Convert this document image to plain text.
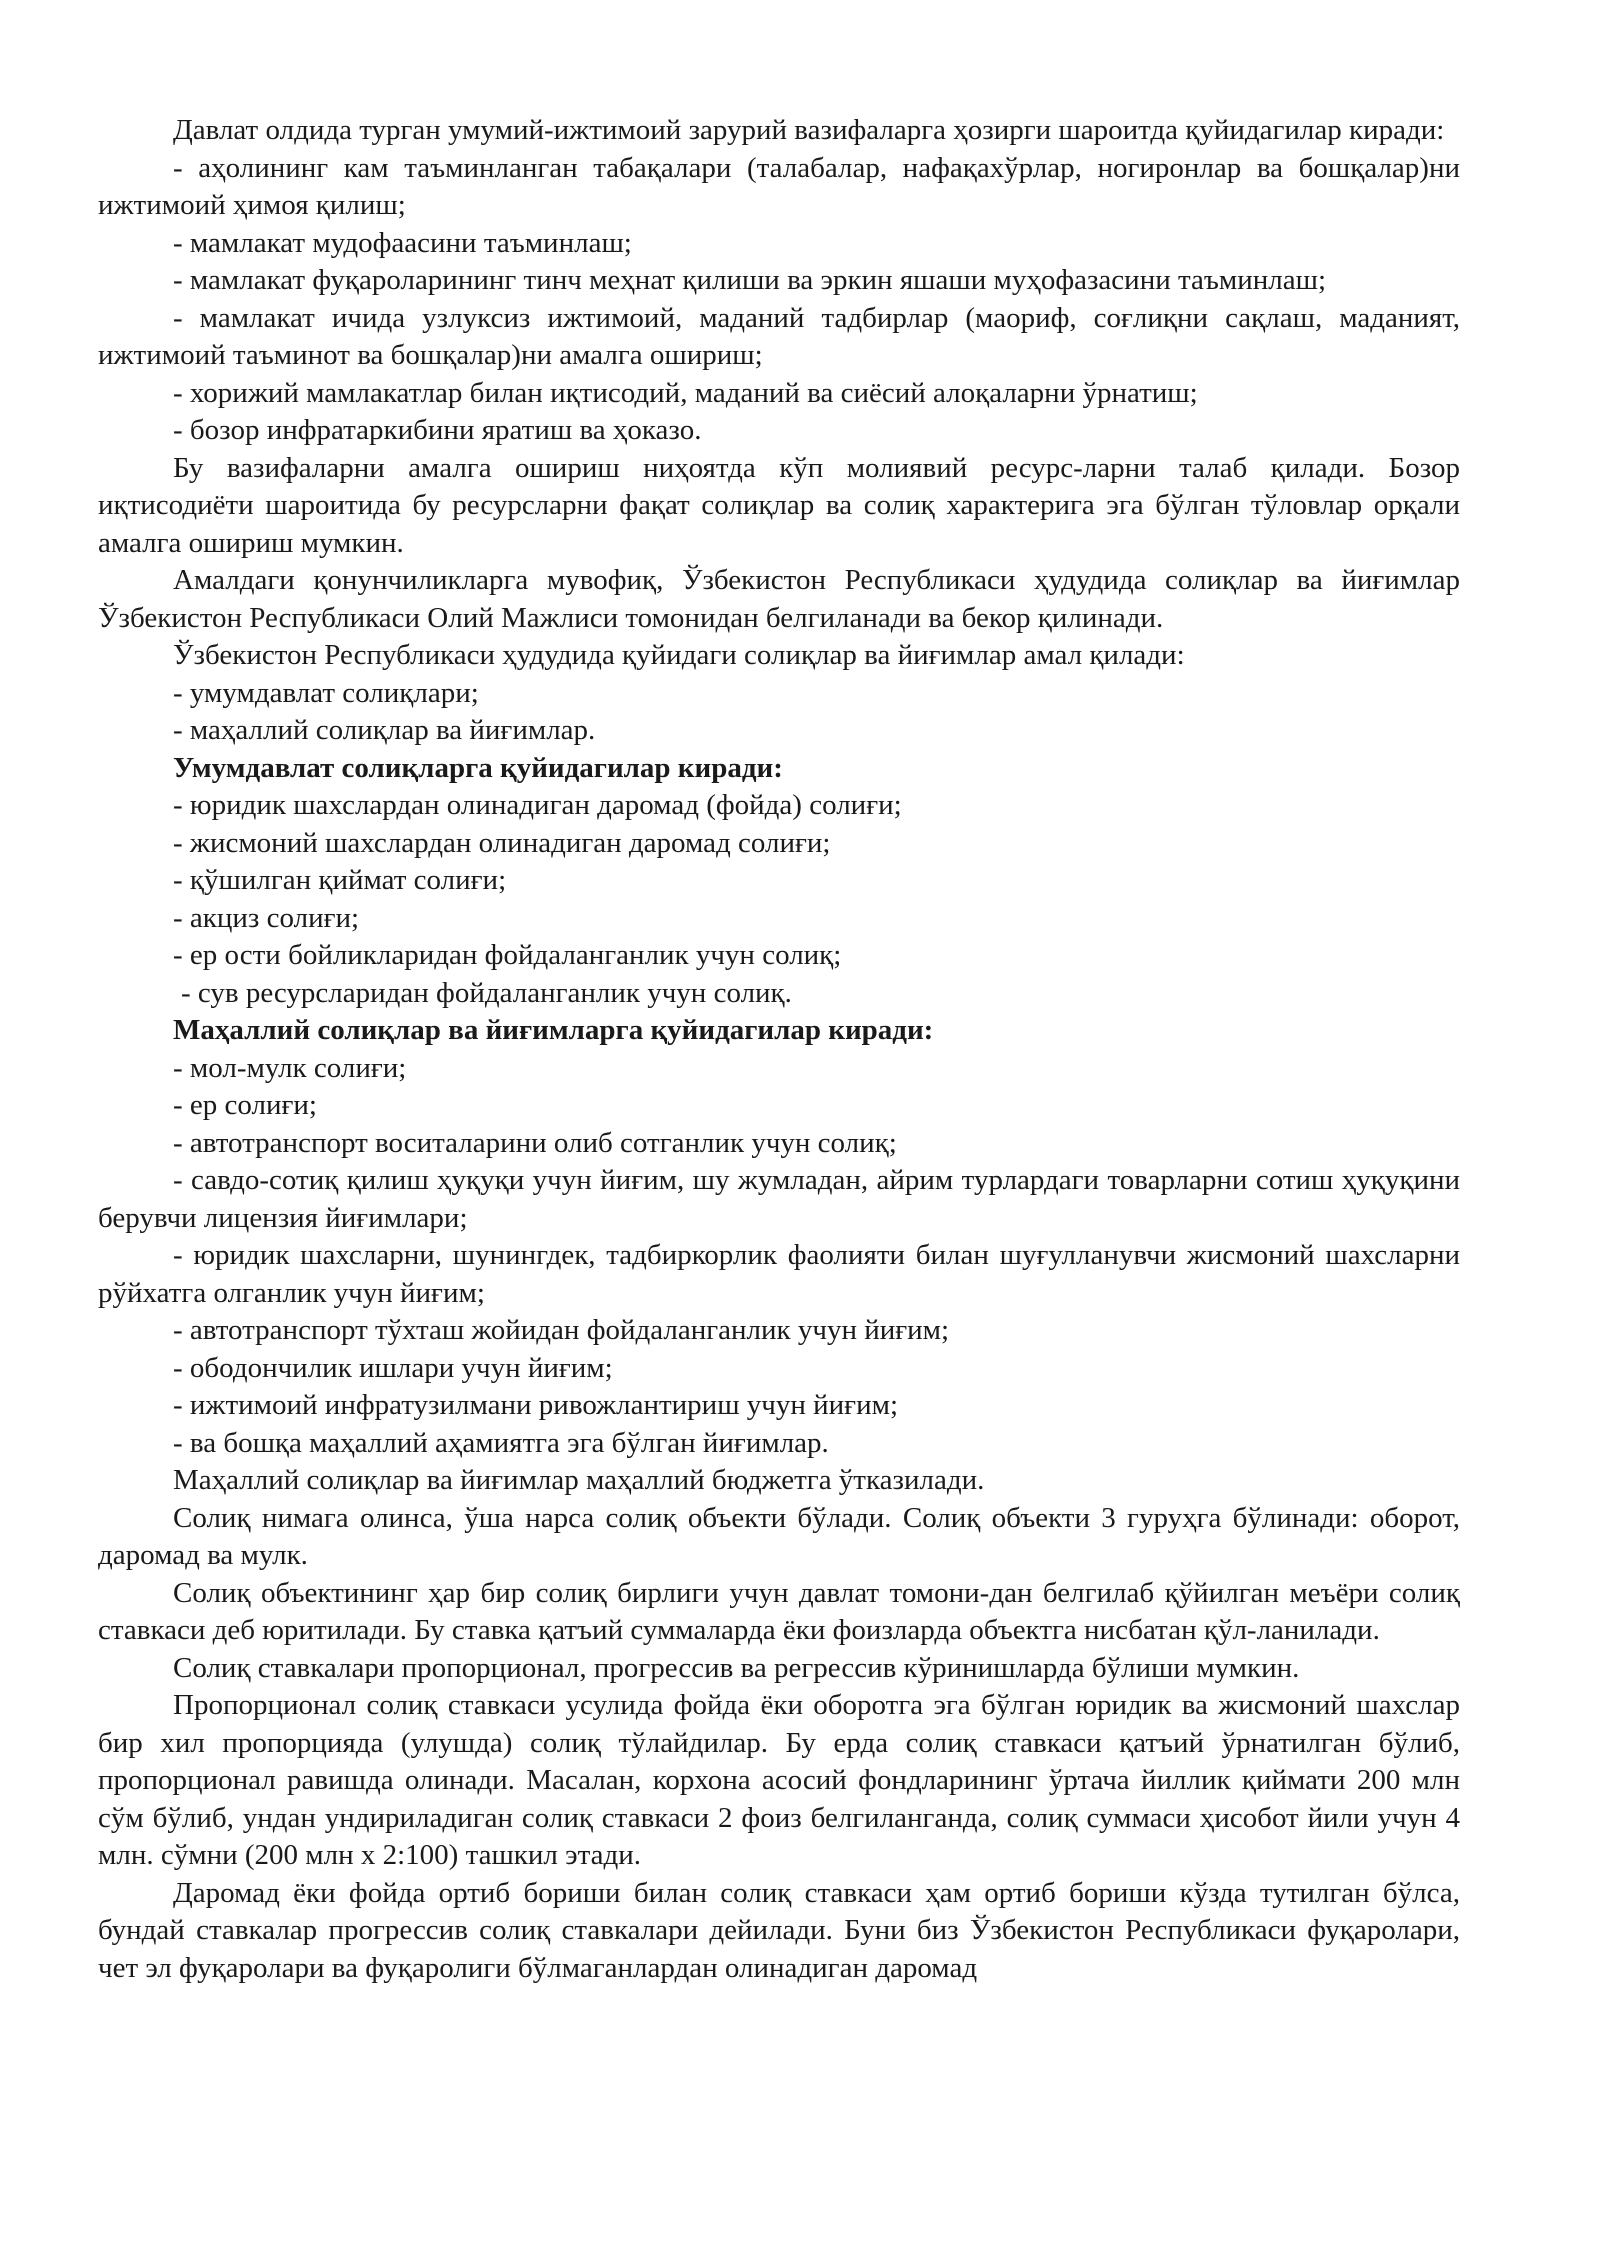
Давлат олдида турган умумий-ижтимоий зарурий вазифаларга ҳозирги шароитда қуйидагилар киради:

- аҳолининг кам таъминланган табақалари (талабалар, нафақахўрлар, ногиронлар ва бошқалар)ни ижтимоий ҳимоя қилиш;

- мамлакат мудофаасини таъминлаш;

- мамлакат фуқароларининг тинч меҳнат қилиши ва эркин яшаши муҳофазасини таъминлаш;

- мамлакат ичида узлуксиз ижтимоий, маданий тадбирлар (маориф, соғлиқни сақлаш, маданият, ижтимоий таъминот ва бошқалар)ни амалга ошириш;

- хорижий мамлакатлар билан иқтисодий, маданий ва сиёсий алоқаларни ўрнатиш;

- бозор инфратаркибини яратиш ва ҳоказо.

Бу вазифаларни амалга ошириш ниҳоятда кўп молиявий ресурс-ларни талаб қилади. Бозор иқтисодиёти шароитида бу ресурсларни фақат солиқлар ва солиқ характерига эга бўлган тўловлар орқали амалга ошириш мумкин.

Амалдаги қонунчиликларга мувофиқ, Ўзбекистон Республикаси ҳудудида солиқлар ва йиғимлар Ўзбекистон Республикаси Олий Мажлиси томонидан белгиланади ва бекор қилинади.

Ўзбекистон Республикаси ҳудудида қуйидаги солиқлар ва йиғимлар амал қилади:

- умумдавлат солиқлари;

- маҳаллий солиқлар ва йиғимлар.

Умумдавлат солиқларга қуйидагилар киради:

- юридик шахслардан олинадиган даромад (фойда) солиғи;

- жисмоний шахслардан олинадиган даромад солиғи;

- қўшилган қиймат солиғи;

- акциз солиғи;

- ер ости бойликларидан фойдаланганлик учун солиқ;

- сув ресурсларидан фойдаланганлик учун солиқ.

Маҳаллий солиқлар ва йиғимларга қуйидагилар киради:

- мол-мулк солиғи;

- ер солиғи;

- автотранспорт воситаларини олиб сотганлик учун солиқ;

- савдо-сотиқ қилиш ҳуқуқи учун йиғим, шу жумладан, айрим турлардаги товарларни сотиш ҳуқуқини берувчи лицензия йиғимлари;

- юридик шахсларни, шунингдек, тадбиркорлик фаолияти билан шуғулланувчи жисмоний шахсларни рўйхатга олганлик учун йиғим;

- автотранспорт тўхташ жойидан фойдаланганлик учун йиғим;

- ободончилик ишлари учун йиғим;

- ижтимоий инфратузилмани ривожлантириш учун йиғим;

- ва бошқа маҳаллий аҳамиятга эга бўлган йиғимлар.

Маҳаллий солиқлар ва йиғимлар маҳаллий бюджетга ўтказилади.

Солиқ нимага олинса, ўша нарса солиқ объекти бўлади. Солиқ объекти 3 гуруҳга бўлинади: оборот, даромад ва мулк.

Солиқ объектининг ҳар бир солиқ бирлиги учун давлат томони-дан белгилаб қўйилган меъёри солиқ ставкаси деб юритилади. Бу ставка қатъий суммаларда ёки фоизларда объектга нисбатан қўл-ланилади.

Солиқ ставкалари пропорционал, прогрессив ва регрессив кўринишларда бўлиши мумкин.

Пропорционал солиқ ставкаси усулида фойда ёки оборотга эга бўлган юридик ва жисмоний шахслар бир хил пропорцияда (улушда) солиқ тўлайдилар. Бу ерда солиқ ставкаси қатъий ўрнатилган бўлиб, пропорционал равишда олинади. Масалан, корхона асосий фондларининг ўртача йиллик қиймати 200 млн сўм бўлиб, ундан ундириладиган солиқ ставкаси 2 фоиз белгиланганда, солиқ суммаси ҳисобот йили учун 4 млн. сўмни (200 млн х 2:100) ташкил этади.

Даромад ёки фойда ортиб бориши билан солиқ ставкаси ҳам ортиб бориши кўзда тутилган бўлса, бундай ставкалар прогрессив солиқ ставкалари дейилади. Буни биз Ўзбекистон Республикаси фуқаролари, чет эл фуқаролари ва фуқаролиги бўлмаганлардан олинадиган даромад
